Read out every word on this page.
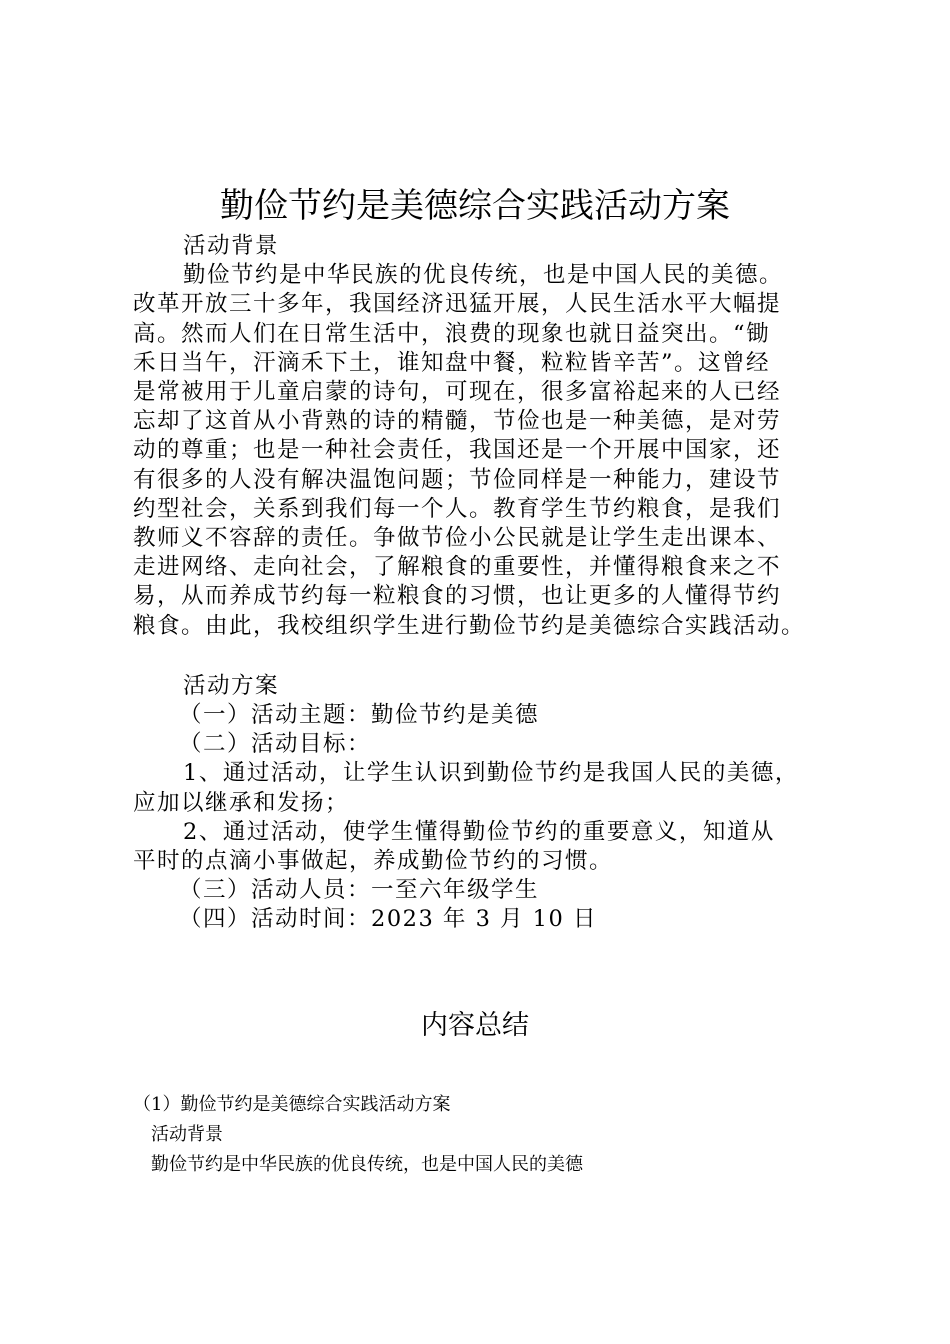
勤俭节约是美德综合实践活动方案

活动背景

勤俭节约是中华民族的优良传统，也是中国人民的美德。

改革开放三十多年，我国经济迅猛开展，人民生活水平大幅提

高。然而人们在日常生活中，浪费的现象也就日益突出。“锄

禾日当午，汗滴禾下土，谁知盘中餐，粒粒皆辛苦”。这曾经

是常被用于儿童启蒙的诗句，可现在，很多富裕起来的人已经

忘却了这首从小背熟的诗的精髓，节俭也是一种美德，是对劳

动的尊重；也是一种社会责任，我国还是一个开展中国家，还

有很多的人没有解决温饱问题；节俭同样是一种能力，建设节

约型社会，关系到我们每一个人。教育学生节约粮食，是我们

教师义不容辞的责任。争做节俭小公民就是让学生走出课本、

走进网络、走向社会，了解粮食的重要性，并懂得粮食来之不

易，从而养成节约每一粒粮食的习惯，也让更多的人懂得节约

粮食。由此，我校组织学生进行勤俭节约是美德综合实践活动。

活动方案

（一）活动主题：勤俭节约是美德

（二）活动目标：

1、通过活动，让学生认识到勤俭节约是我国人民的美德，

应加以继承和发扬；

2、通过活动，使学生懂得勤俭节约的重要意义，知道从

平时的点滴小事做起，养成勤俭节约的习惯。

（三）活动人员：一至六年级学生

（四）活动时间：2023 年 3 月 10 日

内容总结
（1）勤俭节约是美德综合实践活动方案
活动背景
勤俭节约是中华民族的优良传统，也是中国人民的美德
